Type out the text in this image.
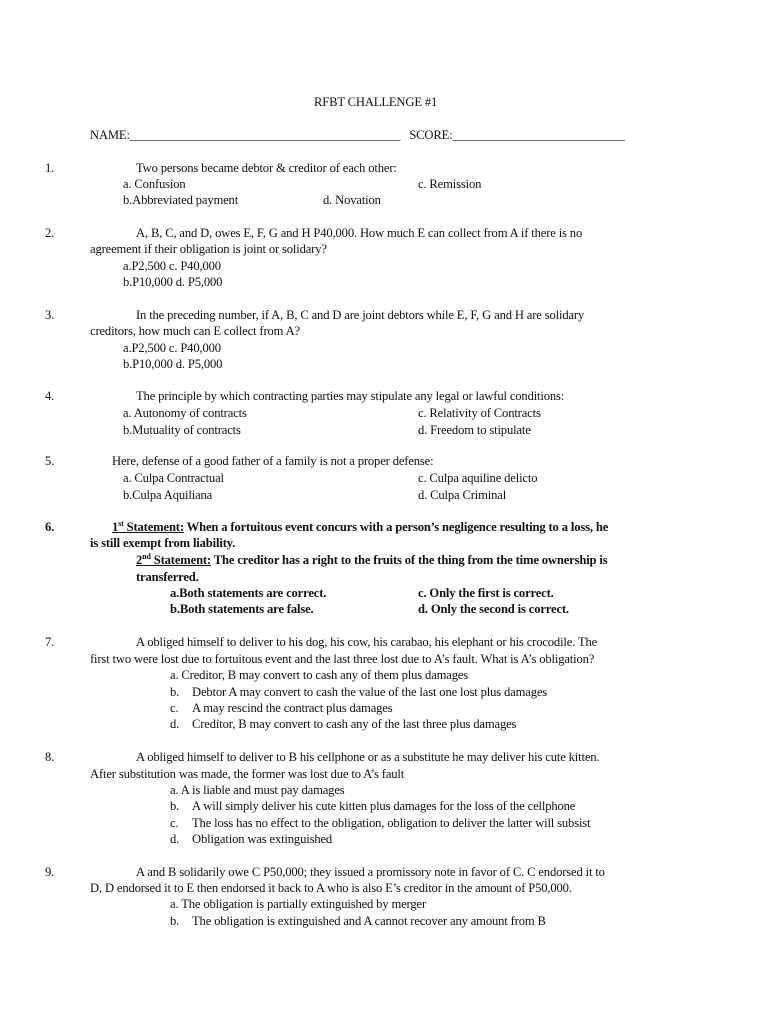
RFBT CHALLENGE #1
NAME:____________________________________________ SCORE:____________________________
1.	Two persons became debtor & creditor of each other:
a. Confusion	c. Remission
b.Abbreviated payment	d. Novation
2.	A, B, C, and D, owes E, F, G and H P40,000. How much E can collect from A if there is no
agreement if their obligation is joint or solidary?
a.P2,500 c. P40,000
b.P10,000 d. P5,000
3.	In the preceding number, if A, B, C and D are joint debtors while E, F, G and H are solidary
creditors, how much can E collect from A?
a.P2,500 c. P40,000
b.P10,000 d. P5,000
4.	The principle by which contracting parties may stipulate any legal or lawful conditions:
a. Autonomy of contracts	c. Relativity of Contracts
b.Mutuality of contracts	d. Freedom to stipulate
5.	Here, defense of a good father of a family is not a proper defense:
a. Culpa Contractual	c. Culpa aquiline delicto
b.Culpa Aquiliana	d. Culpa Criminal
6.	1st Statement: When a fortuitous event concurs with a person’s negligence resulting to a loss, he
is still exempt from liability.
2nd Statement: The creditor has a right to the fruits of the thing from the time ownership is
transferred.
a.Both statements are correct.	c. Only the first is correct.
b.Both statements are false.	d. Only the second is correct.
7.	A obliged himself to deliver to his dog, his cow, his carabao, his elephant or his crocodile. The
first two were lost due to fortuitous event and the last three lost due to A’s fault. What is A’s obligation?
a. Creditor, B may convert to cash any of them plus damages
b. Debtor A may convert to cash the value of the last one lost plus damages
c. A may rescind the contract plus damages
d. Creditor, B may convert to cash any of the last three plus damages
8.	A obliged himself to deliver to B his cellphone or as a substitute he may deliver his cute kitten.
After substitution was made, the former was lost due to A’s fault
a. A is liable and must pay damages
b. A will simply deliver his cute kitten plus damages for the loss of the cellphone
c. The loss has no effect to the obligation, obligation to deliver the latter will subsist
d. Obligation was extinguished
9.	A and B solidarily owe C P50,000; they issued a promissory note in favor of C. C endorsed it to
D, D endorsed it to E then endorsed it back to A who is also E’s creditor in the amount of P50,000.
a. The obligation is partially extinguished by merger
b. The obligation is extinguished and A cannot recover any amount from B
